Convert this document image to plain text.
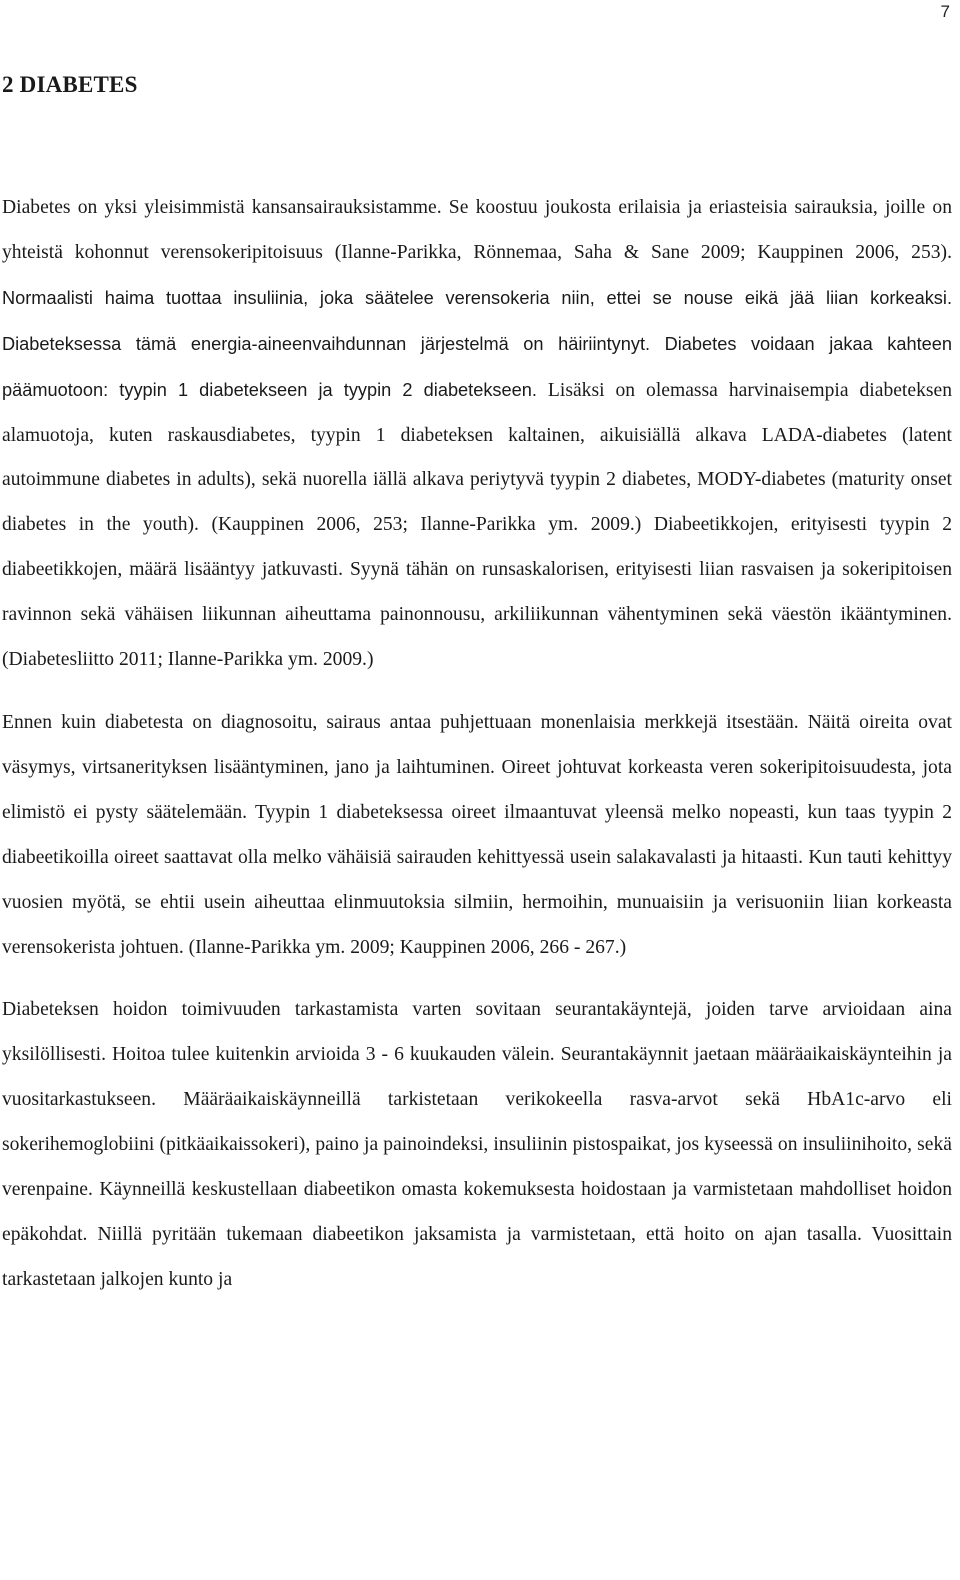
7
2 DIABETES

Diabetes on yksi yleisimmistä kansansairauksistamme. Se koostuu joukosta erilaisia ja eriasteisia sairauksia, joille on yhteistä kohonnut verensokeripitoisuus (Ilanne-Parikka, Rönnemaa, Saha & Sane 2009; Kauppinen 2006, 253). Normaalisti haima tuottaa insuliinia, joka säätelee verensokeria niin, ettei se nouse eikä jää liian korkeaksi. Diabeteksessa tämä energia-aineenvaihdunnan järjestelmä on häiriintynyt. Diabetes voidaan jakaa kahteen päämuotoon: tyypin 1 diabetekseen ja tyypin 2 diabetekseen. Lisäksi on olemassa harvinaisempia diabeteksen alamuotoja, kuten raskausdiabetes, tyypin 1 diabeteksen kaltainen, aikuisiällä alkava LADA-diabetes (latent autoimmune diabetes in adults), sekä nuorella iällä alkava periytyvä tyypin 2 diabetes, MODY-diabetes (maturity onset diabetes in the youth). (Kauppinen 2006, 253; Ilanne-Parikka ym. 2009.) Diabeetikkojen, erityisesti tyypin 2 diabeetikkojen, määrä lisääntyy jatkuvasti. Syynä tähän on runsaskalorisen, erityisesti liian rasvaisen ja sokeripitoisen ravinnon sekä vähäisen liikunnan aiheuttama painonnousu, arkiliikunnan vähentyminen sekä väestön ikääntyminen. (Diabetesliitto 2011; Ilanne-Parikka ym. 2009.)

Ennen kuin diabetesta on diagnosoitu, sairaus antaa puhjettuaan monenlaisia merkkejä itsestään. Näitä oireita ovat väsymys, virtsanerityksen lisääntyminen, jano ja laihtuminen. Oireet johtuvat korkeasta veren sokeripitoisuudesta, jota elimistö ei pysty säätelemään. Tyypin 1 diabeteksessa oireet ilmaantuvat yleensä melko nopeasti, kun taas tyypin 2 diabeetikoilla oireet saattavat olla melko vähäisiä sairauden kehittyessä usein salakavalasti ja hitaasti. Kun tauti kehittyy vuosien myötä, se ehtii usein aiheuttaa elinmuutoksia silmiin, hermoihin, munuaisiin ja verisuoniin liian korkeasta verensokerista johtuen. (Ilanne-Parikka ym. 2009; Kauppinen 2006, 266 - 267.)

Diabeteksen hoidon toimivuuden tarkastamista varten sovitaan seurantakäyntejä, joiden tarve arvioidaan aina yksilöllisesti. Hoitoa tulee kuitenkin arvioida 3 - 6 kuukauden välein. Seurantakäynnit jaetaan määräaikaiskäynteihin ja vuositarkastukseen. Määräaikaiskäynneillä tarkistetaan verikokeella rasva-arvot sekä HbA1c-arvo eli sokerihemoglobiini (pitkäaikaissokeri), paino ja painoindeksi, insuliinin pistospaikat, jos kyseessä on insuliinihoito, sekä verenpaine. Käynneillä keskustellaan diabeetikon omasta kokemuksesta hoidostaan ja varmistetaan mahdolliset hoidon epäkohdat. Niillä pyritään tukemaan diabeetikon jaksamista ja varmistetaan, että hoito on ajan tasalla. Vuosittain tarkastetaan jalkojen kunto ja
